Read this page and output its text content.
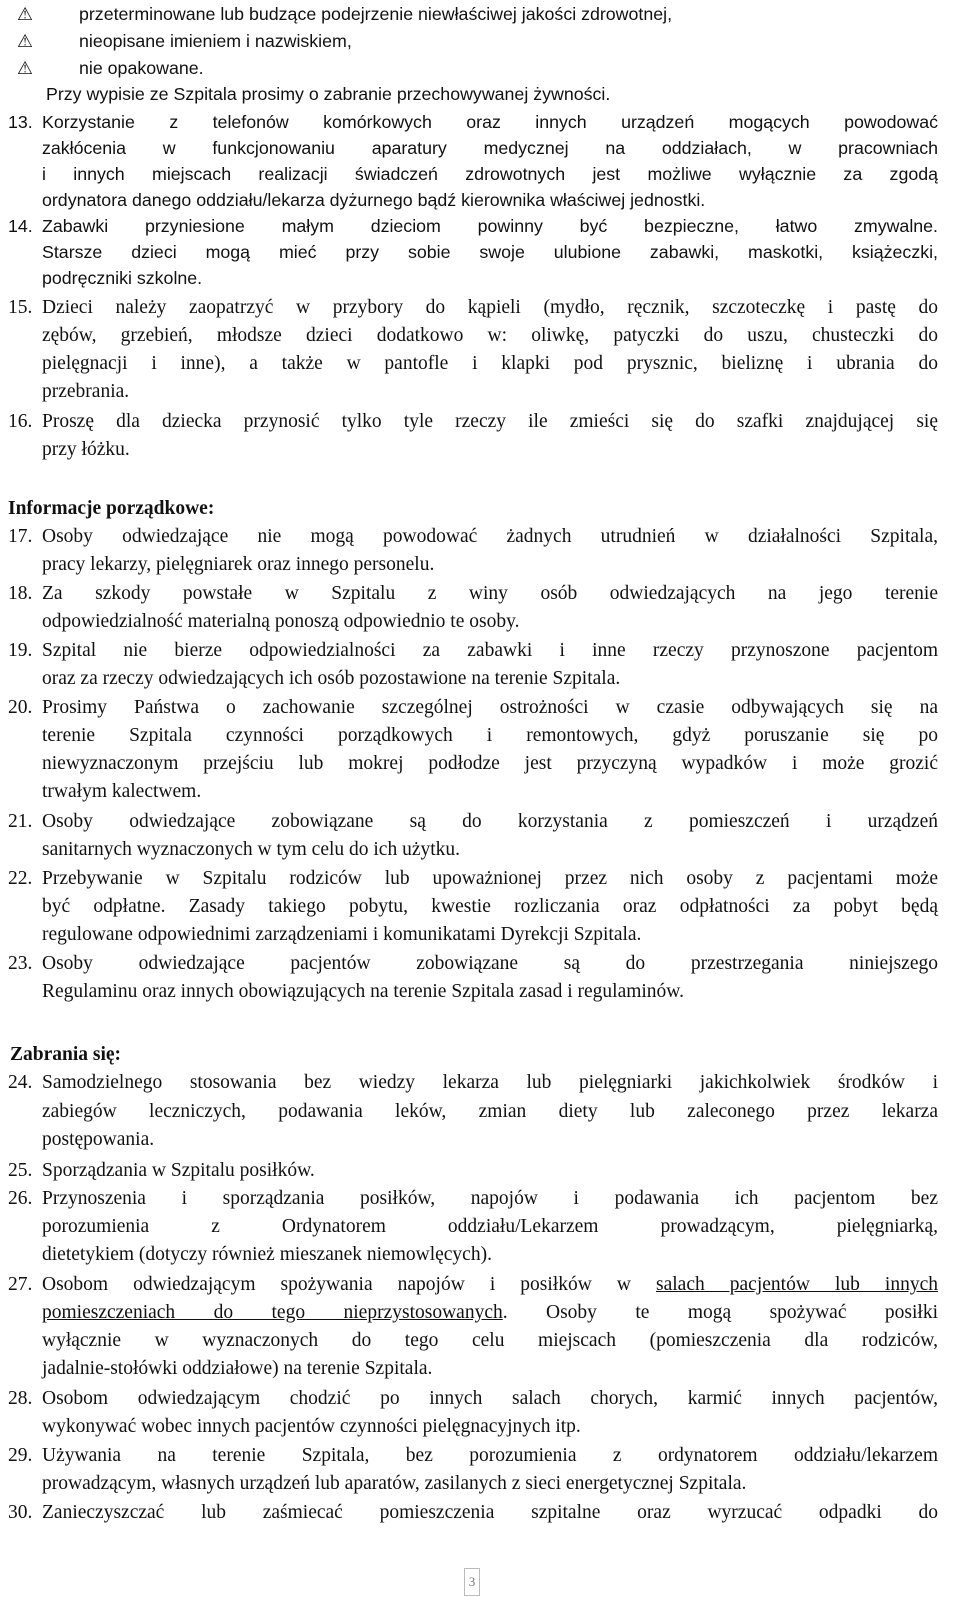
⚠	przeterminowane lub budzące podejrzenie niewłaściwej jakości zdrowotnej,
⚠	nieopisane imieniem i nazwiskiem,
⚠	nie opakowane.
Przy wypisie ze Szpitala prosimy o zabranie przechowywanej żywności.
13. Korzystanie z telefonów komórkowych oraz innych urządzeń mogących powodować
zakłócenia w funkcjonowaniu aparatury medycznej na oddziałach, w pracowniach
i innych miejscach realizacji świadczeń zdrowotnych jest możliwe wyłącznie za zgodą
ordynatora danego oddziału/lekarza dyżurnego bądź kierownika właściwej jednostki.
14. Zabawki przyniesione małym dzieciom powinny być bezpieczne, łatwo zmywalne.
Starsze dzieci mogą mieć przy sobie swoje ulubione zabawki, maskotki, książeczki,
podręczniki szkolne.
15. Dzieci należy zaopatrzyć w przybory do kąpieli (mydło, ręcznik, szczoteczkę i pastę do
zębów, grzebień, młodsze dzieci dodatkowo w: oliwkę, patyczki do uszu, chusteczki do
pielęgnacji i inne), a także w pantofle i klapki pod prysznic, bieliznę i ubrania do
przebrania.
16. Proszę dla dziecka przynosić tylko tyle rzeczy ile zmieści się do szafki znajdującej się
przy łóżku.
Informacje porządkowe:
17. Osoby odwiedzające nie mogą powodować żadnych utrudnień w działalności Szpitala,
pracy lekarzy, pielęgniarek oraz innego personelu.
18. Za szkody powstałe w Szpitalu z winy osób odwiedzających na jego terenie
odpowiedzialność materialną ponoszą odpowiednio te osoby.
19. Szpital nie bierze odpowiedzialności za zabawki i inne rzeczy przynoszone pacjentom
oraz za rzeczy odwiedzających ich osób pozostawione na terenie Szpitala.
20. Prosimy Państwa o zachowanie szczególnej ostrożności w czasie odbywających się na
terenie Szpitala czynności porządkowych i remontowych, gdyż poruszanie się po
niewyznaczonym przejściu lub mokrej podłodze jest przyczyną wypadków i może grozić
trwałym kalectwem.
21. Osoby odwiedzające zobowiązane są do korzystania z pomieszczeń i urządzeń
sanitarnych wyznaczonych w tym celu do ich użytku.
22. Przebywanie w Szpitalu rodziców lub upoważnionej przez nich osoby z pacjentami może
być odpłatne. Zasady takiego pobytu, kwestie rozliczania oraz odpłatności za pobyt będą
regulowane odpowiednimi zarządzeniami i komunikatami Dyrekcji Szpitala.
23. Osoby odwiedzające pacjentów zobowiązane są do przestrzegania niniejszego
Regulaminu oraz innych obowiązujących na terenie Szpitala zasad i regulaminów.
Zabrania się:
24. Samodzielnego stosowania bez wiedzy lekarza lub pielęgniarki jakichkolwiek środków i
zabiegów leczniczych, podawania leków, zmian diety lub zaleconego przez lekarza
postępowania.
25. Sporządzania w Szpitalu posiłków.
26. Przynoszenia i sporządzania posiłków, napojów i podawania ich pacjentom bez
porozumienia z Ordynatorem oddziału/Lekarzem prowadzącym, pielęgniarką,
dietetykiem (dotyczy również mieszanek niemowlęcych).
27. Osobom odwiedzającym spożywania napojów i posiłków w salach pacjentów lub innych
pomieszczeniach do tego nieprzystosowanych. Osoby te mogą spożywać posiłki
wyłącznie w wyznaczonych do tego celu miejscach (pomieszczenia dla rodziców,
jadalnie-stołówki oddziałowe) na terenie Szpitala.
28. Osobom odwiedzającym chodzić po innych salach chorych, karmić innych pacjentów,
wykonywać wobec innych pacjentów czynności pielęgnacyjnych itp.
29. Używania na terenie Szpitala, bez porozumienia z ordynatorem oddziału/lekarzem
prowadzącym, własnych urządzeń lub aparatów, zasilanych z sieci energetycznej Szpitala.
30. Zanieczyszczać lub zaśmiecać pomieszczenia szpitalne oraz wyrzucać odpadki do
3
